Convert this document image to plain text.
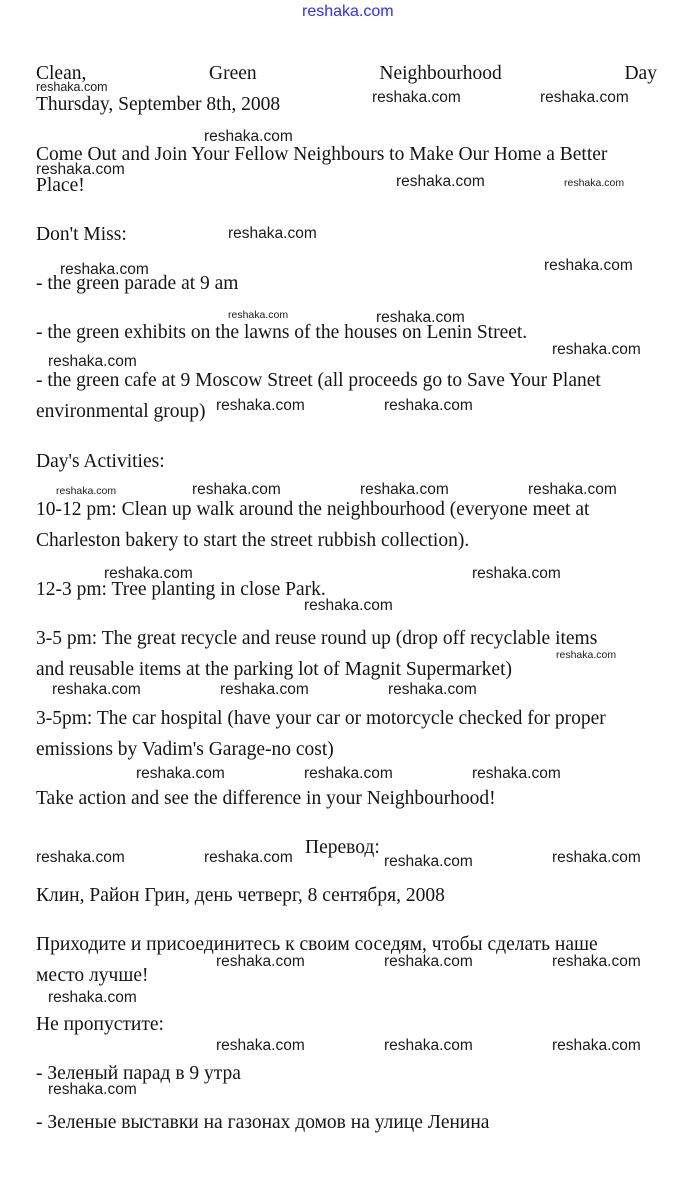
reshaka.com
Clean,	Green	Neighbourhood	Day
Thursday, September 8th, 2008
Come Out and Join Your Fellow Neighbours to Make Our Home a Better
Place!
Don't Miss:
- the green parade at 9 am
- the green exhibits on the lawns of the houses on Lenin Street.
- the green cafe at 9 Moscow Street (all proceeds go to Save Your Planet
environmental group)
Day's Activities:
10-12 pm: Clean up walk around the neighbourhood (everyone meet at
Charleston bakery to start the street rubbish collection).
12-3 pm: Tree planting in close Park.
3-5 pm: The great recycle and reuse round up (drop off recyclable items
and reusable items at the parking lot of Magnit Supermarket)
3-5pm: The car hospital (have your car or motorcycle checked for proper
emissions by Vadim's Garage-no cost)
Take action and see the difference in your Neighbourhood!
Перевод:
Клин, Район Грин, день четверг, 8 сентября, 2008
Приходите и присоединитесь к своим соседям, чтобы сделать наше
место лучше!
Не пропустите:
- Зеленый парад в 9 утра
- Зеленые выставки на газонах домов на улице Ленина
reshaka.com
reshaka.com	reshaka.com
reshaka.com
reshaka.com
reshaka.com	reshaka.com
reshaka.com
reshaka.com	reshaka.com
reshaka.com	reshaka.com
reshaka.com
reshaka.com
reshaka.com	reshaka.com
reshaka.com	reshaka.com	reshaka.com	reshaka.com
reshaka.com	reshaka.com
reshaka.com
reshaka.com
reshaka.com	reshaka.com	reshaka.com
reshaka.com	reshaka.com	reshaka.com
reshaka.com	reshaka.com	reshaka.com	reshaka.com
reshaka.com	reshaka.com	reshaka.com
reshaka.com
reshaka.com	reshaka.com	reshaka.com
reshaka.com
